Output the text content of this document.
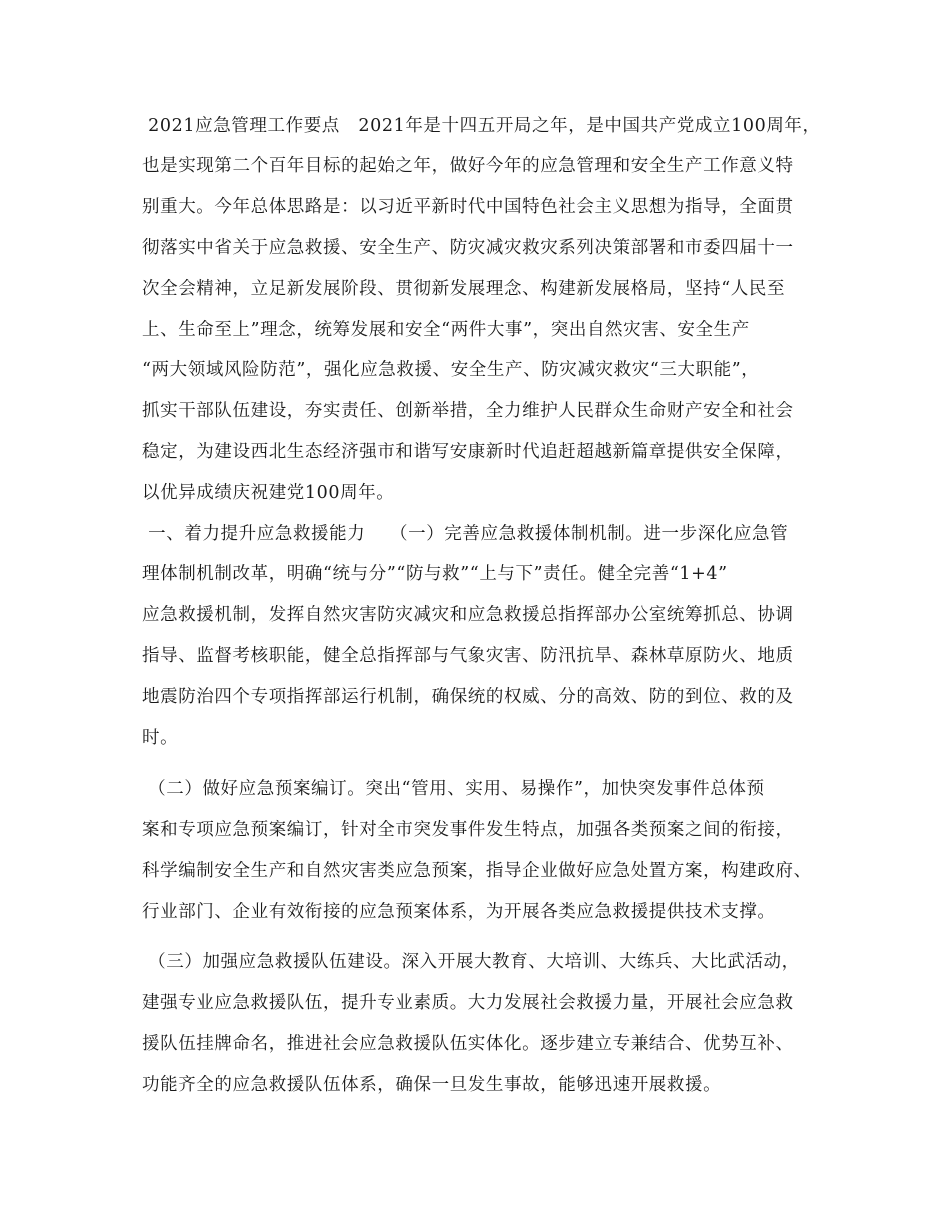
2021应急管理工作要点   2021年是十四五开局之年，是中国共产党成立100周年，
也是实现第二个百年目标的起始之年，做好今年的应急管理和安全生产工作意义特
别重大。今年总体思路是：以习近平新时代中国特色社会主义思想为指导，全面贯
彻落实中省关于应急救援、安全生产、防灾减灾救灾系列决策部署和市委四届十一
次全会精神，立足新发展阶段、贯彻新发展理念、构建新发展格局，坚持“人民至
上、生命至上”理念，统筹发展和安全“两件大事”，突出自然灾害、安全生产
“两大领域风险防范”，强化应急救援、安全生产、防灾减灾救灾“三大职能”，
抓实干部队伍建设，夯实责任、创新举措，全力维护人民群众生命财产安全和社会
稳定，为建设西北生态经济强市和谐写安康新时代追赶超越新篇章提供安全保障，
以优异成绩庆祝建党100周年。
一、着力提升应急救援能力    （一）完善应急救援体制机制。进一步深化应急管
理体制机制改革，明确“统与分”“防与救”“上与下”责任。健全完善“1+4”
应急救援机制，发挥自然灾害防灾减灾和应急救援总指挥部办公室统筹抓总、协调
指导、监督考核职能，健全总指挥部与气象灾害、防汛抗旱、森林草原防火、地质
地震防治四个专项指挥部运行机制，确保统的权威、分的高效、防的到位、救的及
时。
（二）做好应急预案编订。突出“管用、实用、易操作”，加快突发事件总体预
案和专项应急预案编订，针对全市突发事件发生特点，加强各类预案之间的衔接，
科学编制安全生产和自然灾害类应急预案，指导企业做好应急处置方案，构建政府、
行业部门、企业有效衔接的应急预案体系，为开展各类应急救援提供技术支撑。
（三）加强应急救援队伍建设。深入开展大教育、大培训、大练兵、大比武活动，
建强专业应急救援队伍，提升专业素质。大力发展社会救援力量，开展社会应急救
援队伍挂牌命名，推进社会应急救援队伍实体化。逐步建立专兼结合、优势互补、
功能齐全的应急救援队伍体系，确保一旦发生事故，能够迅速开展救援。
